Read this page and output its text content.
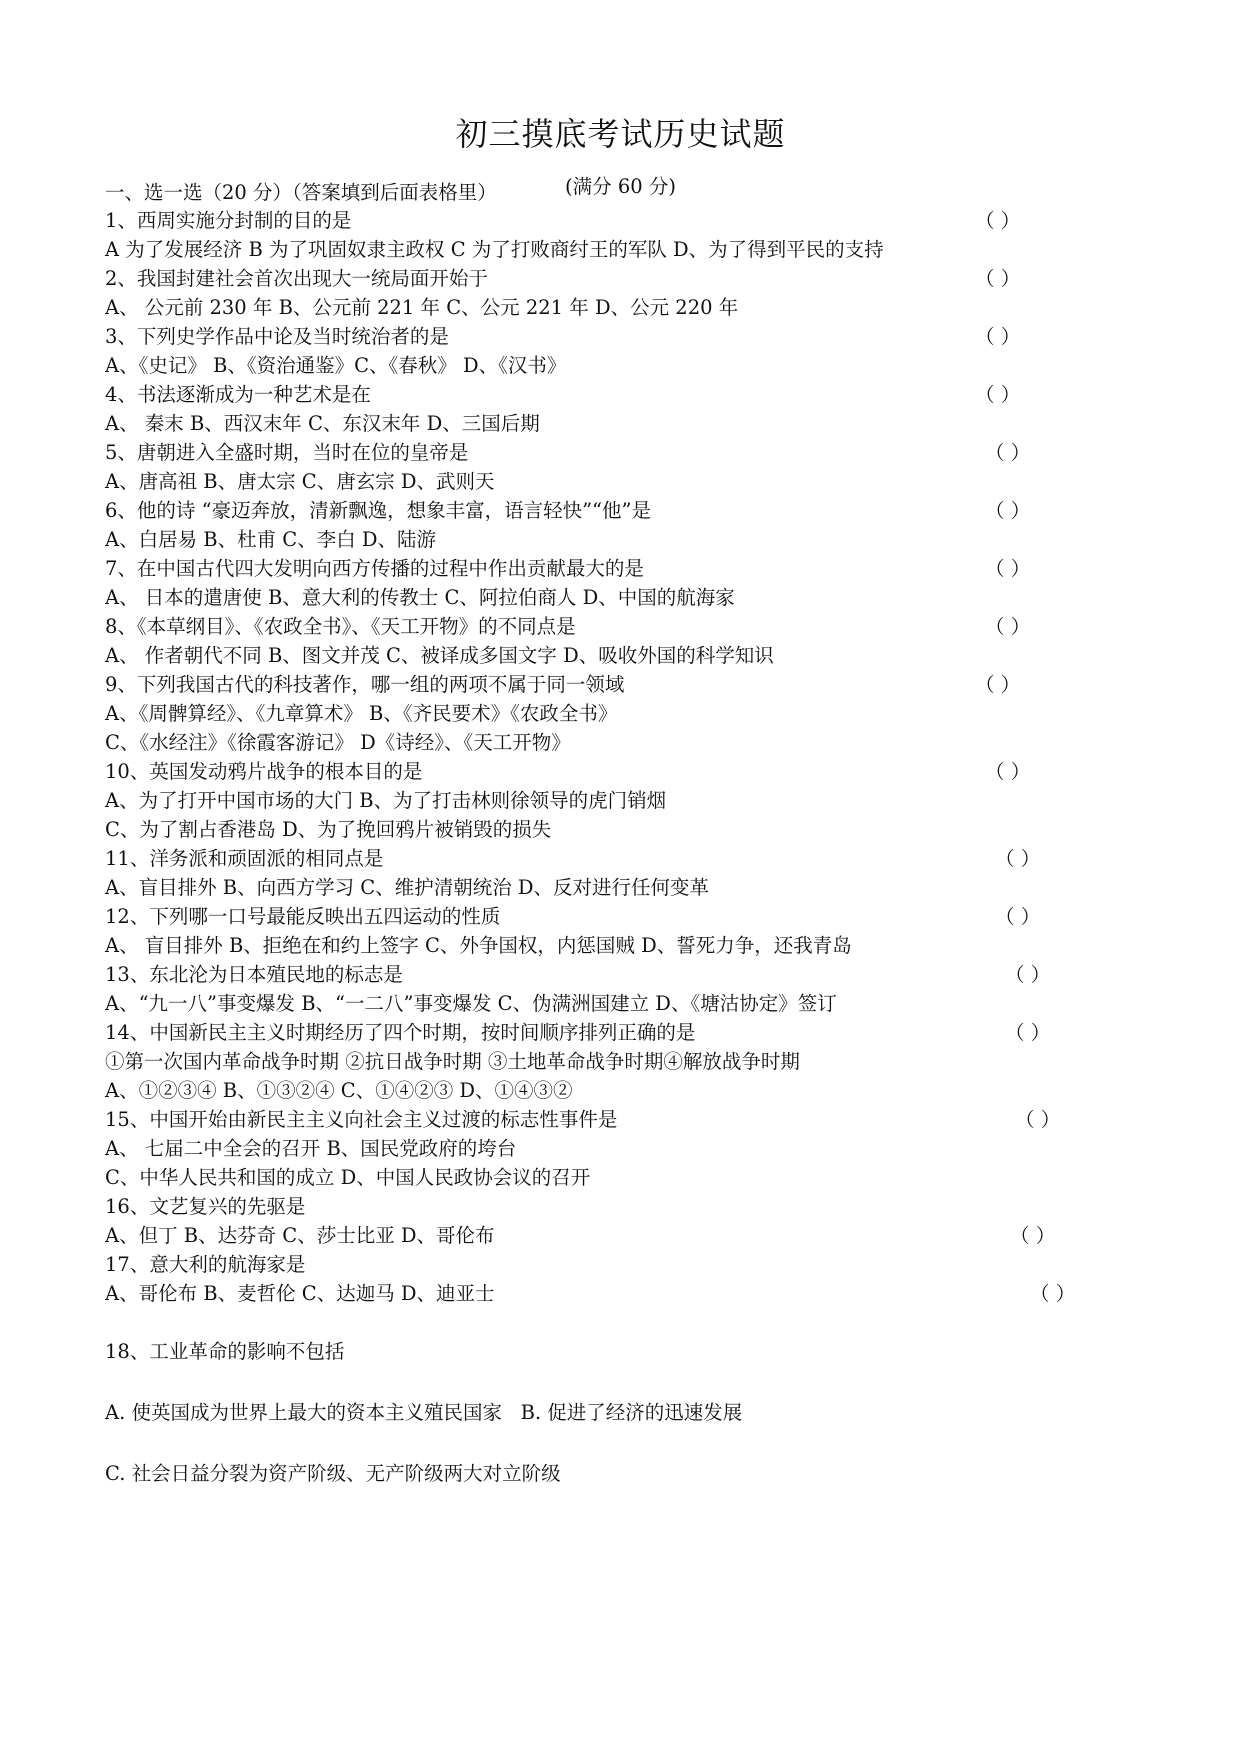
初三摸底考试历史试题
(满分 60 分)
一、选一选（20 分）（答案填到后面表格里）
1、西周实施分封制的目的是
A 为了发展经济 B 为了巩固奴隶主政权 C 为了打败商纣王的军队 D、为了得到平民的支持
2、我国封建社会首次出现大一统局面开始于
A、 公元前 230 年 B、公元前 221 年 C、公元 221 年 D、公元 220 年
3、下列史学作品中论及当时统治者的是
A、《史记》 B、《资治通鉴》C、《春秋》 D、《汉书》
4、书法逐渐成为一种艺术是在
A、 秦末 B、西汉末年 C、东汉末年 D、三国后期
5、唐朝进入全盛时期，当时在位的皇帝是
A、唐高祖 B、唐太宗 C、唐玄宗 D、武则天
6、他的诗 “豪迈奔放，清新飘逸，想象丰富，语言轻快”“他”是
A、白居易 B、杜甫 C、李白 D、陆游
7、在中国古代四大发明向西方传播的过程中作出贡献最大的是
A、 日本的遣唐使 B、意大利的传教士 C、阿拉伯商人 D、中国的航海家
8、《本草纲目》、《农政全书》、《天工开物》的不同点是
A、 作者朝代不同 B、图文并茂 C、被译成多国文字 D、吸收外国的科学知识
9、下列我国古代的科技著作，哪一组的两项不属于同一领域
A、《周髀算经》、《九章算术》 B、《齐民要术》《农政全书》
C、《水经注》《徐霞客游记》 D《诗经》、《天工开物》
10、英国发动鸦片战争的根本目的是
A、为了打开中国市场的大门 B、为了打击林则徐领导的虎门销烟
C、为了割占香港岛 D、为了挽回鸦片被销毁的损失
11、洋务派和顽固派的相同点是
A、盲目排外 B、向西方学习 C、维护清朝统治 D、反对进行任何变革
12、下列哪一口号最能反映出五四运动的性质
A、 盲目排外 B、拒绝在和约上签字 C、外争国权，内惩国贼 D、誓死力争，还我青岛
13、东北沦为日本殖民地的标志是
A、“九一八”事变爆发 B、“一二八”事变爆发 C、伪满洲国建立 D、《塘沽协定》签订
14、中国新民主主义时期经历了四个时期，按时间顺序排列正确的是
①第一次国内革命战争时期 ②抗日战争时期 ③土地革命战争时期④解放战争时期
A、①②③④ B、①③②④ C、①④②③ D、①④③②
15、中国开始由新民主主义向社会主义过渡的标志性事件是
A、 七届二中全会的召开 B、国民党政府的垮台
C、中华人民共和国的成立 D、中国人民政协会议的召开
16、文艺复兴的先驱是
A、但丁 B、达芬奇 C、莎士比亚 D、哥伦布
17、意大利的航海家是
A、哥伦布 B、麦哲伦 C、达迦马 D、迪亚士
（ ）
（ ）
（ ）
（ ）
（ ）
（ ）
（ ）
（ ）
（ ）
（ ）
（ ）
（ ）
（ ）
（ ）
（ ）
（ ）
（ ）
18、工业革命的影响不包括
A. 使英国成为世界上最大的资本主义殖民国家   B. 促进了经济的迅速发展
C. 社会日益分裂为资产阶级、无产阶级两大对立阶级
